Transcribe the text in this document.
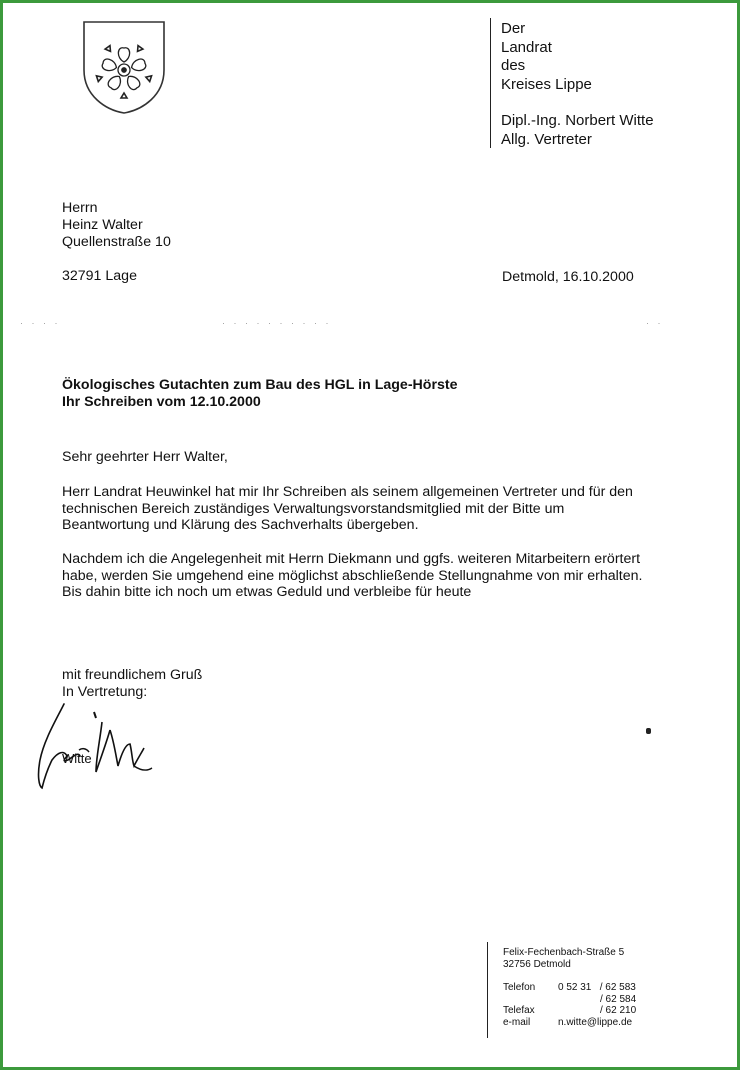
Der
Landrat
des
Kreises Lippe
Dipl.-Ing. Norbert Witte
Allg. Vertreter
Herrn
Heinz Walter
Quellenstraße 10
32791 Lage	Detmold, 16.10.2000
· · · ·	· · · · · · · · · ·	· ·
Ökologisches Gutachten zum Bau des HGL in Lage-Hörste
Ihr Schreiben vom 12.10.2000
Sehr geehrter Herr Walter,
Herr Landrat Heuwinkel hat mir Ihr Schreiben als seinem allgemeinen Vertreter und für den
technischen Bereich zuständiges Verwaltungsvorstandsmitglied mit der Bitte um
Beantwortung und Klärung des Sachverhalts übergeben.
Nachdem ich die Angelegenheit mit Herrn Diekmann und ggfs. weiteren Mitarbeitern erörtert
habe, werden Sie umgehend eine möglichst abschließende Stellungnahme von mir erhalten.
Bis dahin bitte ich noch um etwas Geduld und verbleibe für heute
mit freundlichem Gruß
In Vertretung:
Witte
Felix-Fechenbach-Straße 5
32756 Detmold
Telefon 0 52 31   / 62 583
/ 62 584
Telefax	/ 62 210
e-mail	n.witte@lippe.de
